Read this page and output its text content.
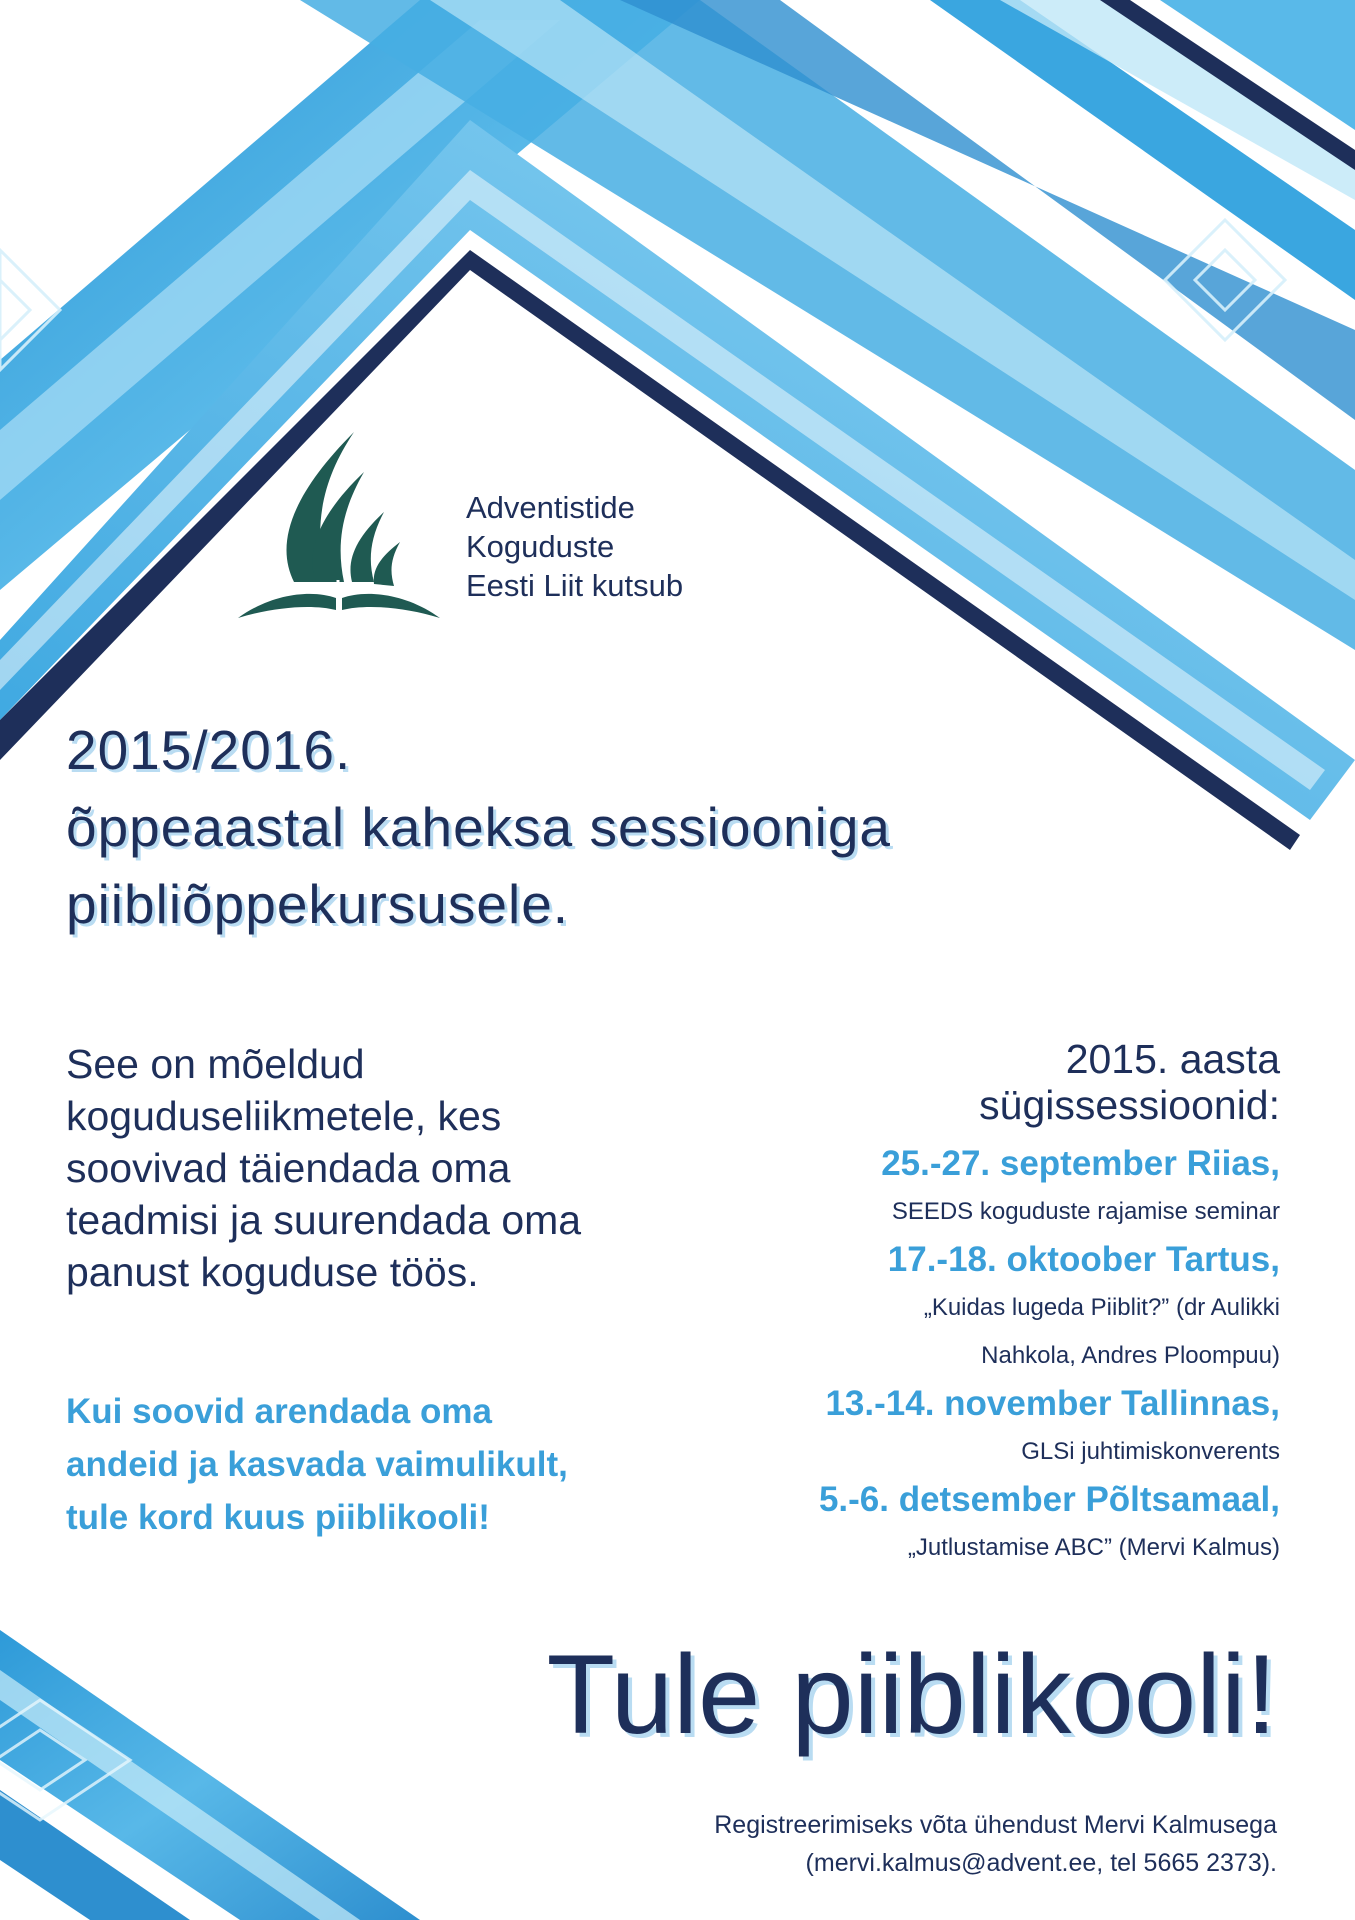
Adventistide
Koguduste
Eesti Liit kutsub
2015/2016.
õppeaastal kaheksa sessiooniga
piibliõppekursusele.
See on mõeldud
koguduseliikmetele, kes
soovivad täiendada oma
teadmisi ja suurendada oma
panust koguduse töös.
Kui soovid arendada oma
andeid ja kasvada vaimulikult,
tule kord kuus piiblikooli!
2015. aasta
sügissessioonid:
25.-27. september Riias,
SEEDS koguduste rajamise seminar
17.-18. oktoober Tartus,
„Kuidas lugeda Piiblit?” (dr Aulikki
Nahkola, Andres Ploompuu)
13.-14. november Tallinnas,
GLSi juhtimiskonverents
5.-6. detsember Põltsamaal,
„Jutlustamise ABC” (Mervi Kalmus)
Tule piiblikooli!
Registreerimiseks võta ühendust Mervi Kalmusega
(mervi.kalmus@advent.ee, tel 5665 2373).
